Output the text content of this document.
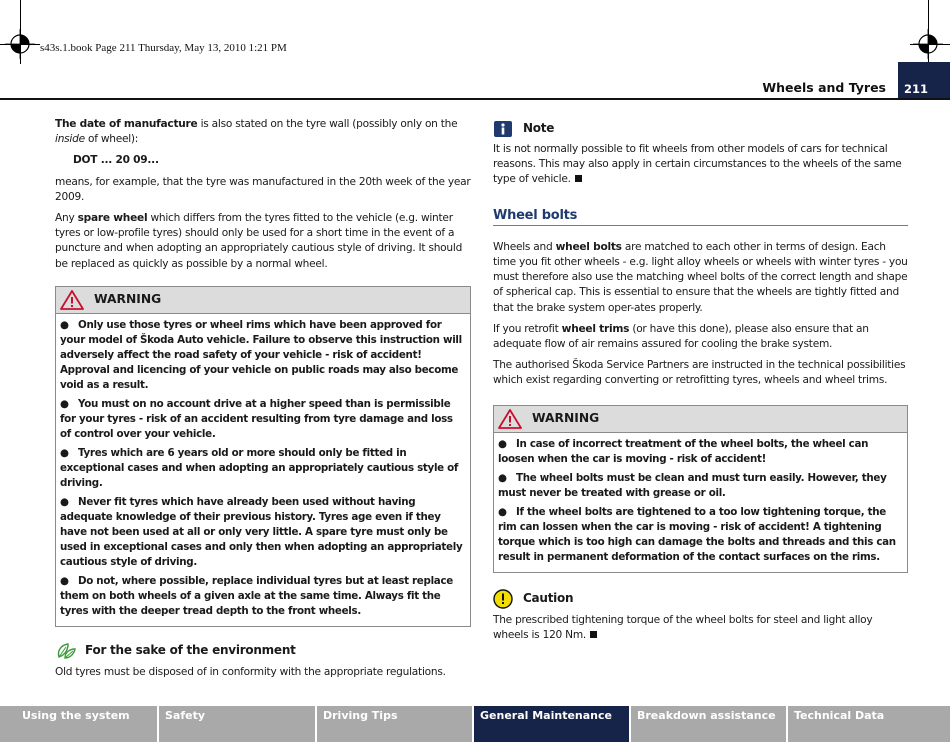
s43s.1.book Page 211 Thursday, May 13, 2010 1:21 PM
Wheels and Tyres	211

The date of manufacture is also stated on the tyre wall (possibly only on the inside of wheel):

DOT ... 20 09...

means, for example, that the tyre was manufactured in the 20th week of the year 2009.

Any spare wheel which differs from the tyres fitted to the vehicle (e.g. winter tyres or low-profile tyres) should only be used for a short time in the event of a puncture and when adopting an appropriately cautious style of driving. It should be replaced as quickly as possible by a normal wheel.

WARNING
● Only use those tyres or wheel rims which have been approved for your model of Škoda Auto vehicle. Failure to observe this instruction will adversely affect the road safety of your vehicle - risk of accident! Approval and licencing of your vehicle on public roads may also become void as a result.
● You must on no account drive at a higher speed than is permissible for your tyres - risk of an accident resulting from tyre damage and loss of control over your vehicle.
● Tyres which are 6 years old or more should only be fitted in exceptional cases and when adopting an appropriately cautious style of driving.
● Never fit tyres which have already been used without having adequate knowledge of their previous history. Tyres age even if they have not been used at all or only very little. A spare tyre must only be used in exceptional cases and only then when adopting an appropriately cautious style of driving.
● Do not, where possible, replace individual tyres but at least replace them on both wheels of a given axle at the same time. Always fit the tyres with the deeper tread depth to the front wheels.
For the sake of the environment

Old tyres must be disposed of in conformity with the appropriate regulations.

Note

It is not normally possible to fit wheels from other models of cars for technical reasons. This may also apply in certain circumstances to the wheels of the same type of vehicle.

Wheel bolts

Wheels and wheel bolts are matched to each other in terms of design. Each time you fit other wheels - e.g. light alloy wheels or wheels with winter tyres - you must therefore also use the matching wheel bolts of the correct length and shape of spherical cap. This is essential to ensure that the wheels are tightly fitted and that the brake system oper-ates properly.

If you retrofit wheel trims (or have this done), please also ensure that an adequate flow of air remains assured for cooling the brake system.

The authorised Škoda Service Partners are instructed in the technical possibilities which exist regarding converting or retrofitting tyres, wheels and wheel trims.

WARNING
● In case of incorrect treatment of the wheel bolts, the wheel can loosen when the car is moving - risk of accident!
● The wheel bolts must be clean and must turn easily. However, they must never be treated with grease or oil.
● If the wheel bolts are tightened to a too low tightening torque, the rim can lossen when the car is moving - risk of accident! A tightening torque which is too high can damage the bolts and threads and this can result in permanent deformation of the contact surfaces on the rims.
Caution

The prescribed tightening torque of the wheel bolts for steel and light alloy wheels is 120 Nm.

Using the system	Safety	Driving Tips	General Maintenance	Breakdown assistance	Technical Data
